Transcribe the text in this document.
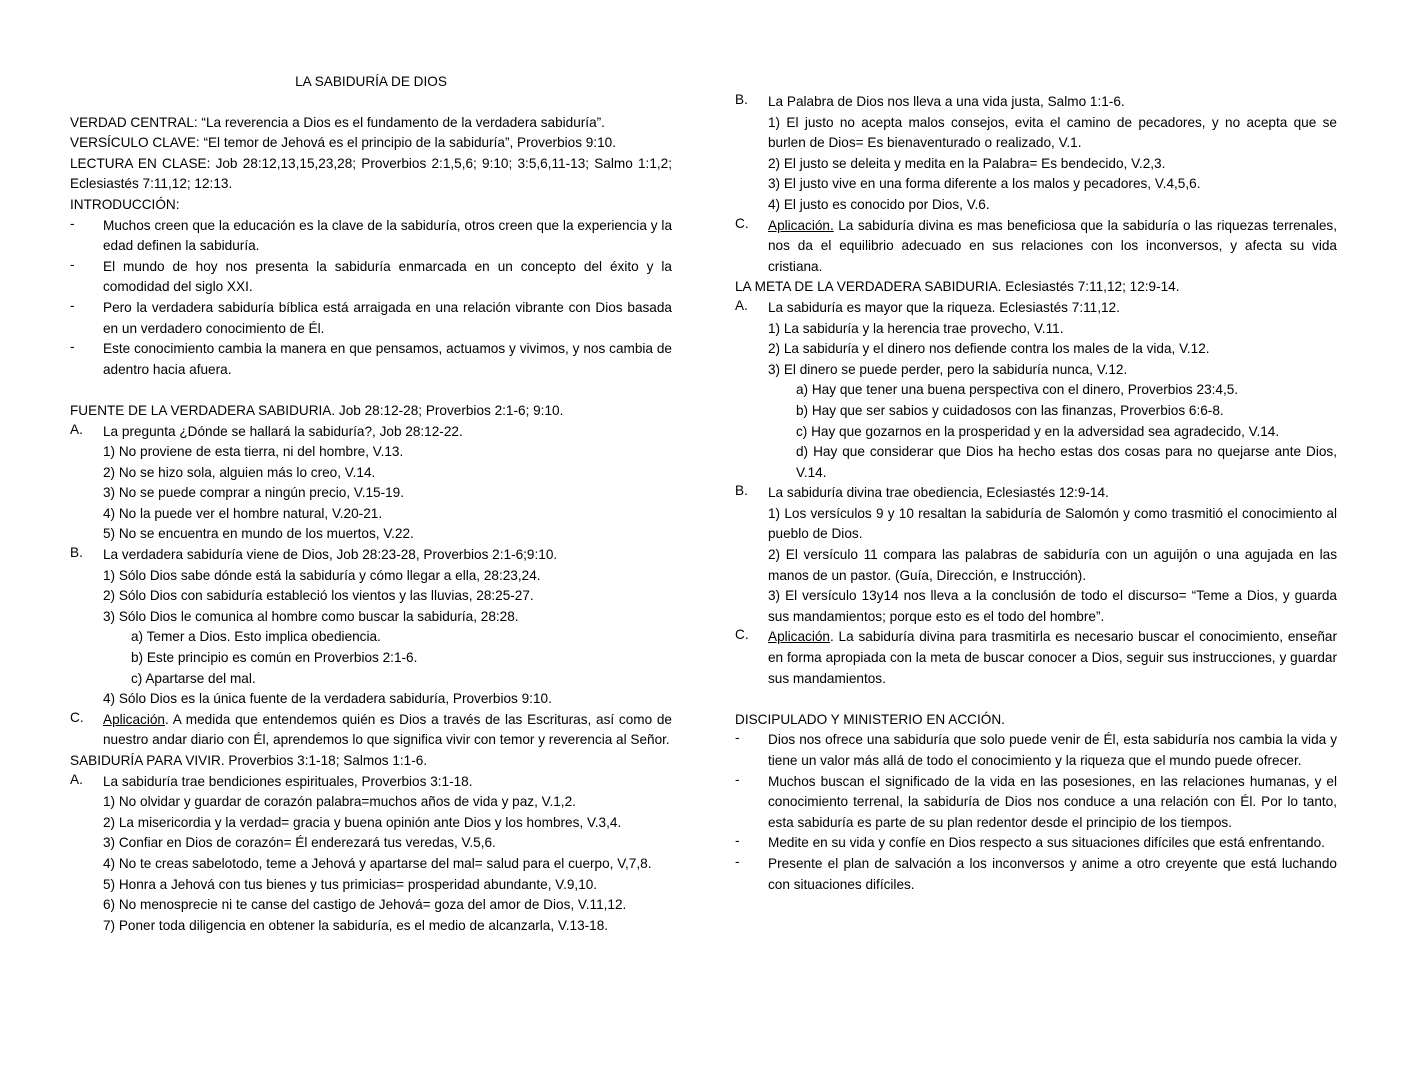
LA SABIDURÍA DE DIOS
VERDAD CENTRAL: “La reverencia a Dios es el fundamento de la verdadera sabiduría”.
VERSÍCULO CLAVE: “El temor de Jehová es el principio de la sabiduría”, Proverbios 9:10.
LECTURA EN CLASE: Job 28:12,13,15,23,28; Proverbios 2:1,5,6; 9:10; 3:5,6,11-13; Salmo 1:1,2; Eclesiastés 7:11,12; 12:13.
INTRODUCCIÓN:
-	Muchos creen que la educación es la clave de la sabiduría, otros creen que la experiencia y la edad definen la sabiduría.
-	El mundo de hoy nos presenta la sabiduría enmarcada en un concepto del éxito y la comodidad del siglo XXI.
-	Pero la verdadera sabiduría bíblica está arraigada en una relación vibrante con Dios basada en un verdadero conocimiento de Él.
-	Este conocimiento cambia la manera en que pensamos, actuamos y vivimos, y nos cambia de adentro hacia afuera.
FUENTE DE LA VERDADERA SABIDURIA. Job 28:12-28; Proverbios 2:1-6; 9:10.
A.	La pregunta ¿Dónde se hallará la sabiduría?, Job 28:12-22.
1) No proviene de esta tierra, ni del hombre, V.13.
2) No se hizo sola, alguien más lo creo, V.14.
3) No se puede comprar a ningún precio, V.15-19.
4) No la puede ver el hombre natural, V.20-21.
5) No se encuentra en mundo de los muertos, V.22.
B.	La verdadera sabiduría viene de Dios, Job 28:23-28, Proverbios 2:1-6;9:10.
1) Sólo Dios sabe dónde está la sabiduría y cómo llegar a ella, 28:23,24.
2) Sólo Dios con sabiduría estableció los vientos y las lluvias, 28:25-27.
3) Sólo Dios le comunica al hombre como buscar la sabiduría, 28:28.
a) Temer a Dios. Esto implica obediencia.
b) Este principio es común en Proverbios 2:1-6.
c) Apartarse del mal.
4) Sólo Dios es la única fuente de la verdadera sabiduría, Proverbios 9:10.
C.	Aplicación. A medida que entendemos quién es Dios a través de las Escrituras, así como de nuestro andar diario con Él, aprendemos lo que significa vivir con temor y reverencia al Señor.
SABIDURÍA PARA VIVIR. Proverbios 3:1-18; Salmos 1:1-6.
A.	La sabiduría trae bendiciones espirituales, Proverbios 3:1-18.
1) No olvidar y guardar de corazón palabra=muchos años de vida y paz, V.1,2.
2) La misericordia y la verdad= gracia y buena opinión ante Dios y los hombres, V.3,4.
3) Confiar en Dios de corazón= Él enderezará tus veredas, V.5,6.
4) No te creas sabelotodo, teme a Jehová y apartarse del mal= salud para el cuerpo, V,7,8.
5) Honra a Jehová con tus bienes y tus primicias= prosperidad abundante, V.9,10.
6) No menosprecie ni te canse del castigo de Jehová= goza del amor de Dios, V.11,12.
7) Poner toda diligencia en obtener la sabiduría, es el medio de alcanzarla, V.13-18.
B.	La Palabra de Dios nos lleva a una vida justa, Salmo 1:1-6.
1) El justo no acepta malos consejos, evita el camino de pecadores, y no acepta que se burlen de Dios= Es bienaventurado o realizado, V.1.
2) El justo se deleita y medita en la Palabra= Es bendecido, V.2,3.
3) El justo vive en una forma diferente a los malos y pecadores, V.4,5,6.
4) El justo es conocido por Dios, V.6.
C.	Aplicación. La sabiduría divina es mas beneficiosa que la sabiduría o las riquezas terrenales, nos da el equilibrio adecuado en sus relaciones con los inconversos, y afecta su vida cristiana.
LA META DE LA VERDADERA SABIDURIA. Eclesiastés 7:11,12; 12:9-14.
A.	La sabiduría es mayor que la riqueza. Eclesiastés 7:11,12.
1) La sabiduría y la herencia trae provecho, V.11.
2) La sabiduría y el dinero nos defiende contra los males de la vida, V.12.
3) El dinero se puede perder, pero la sabiduría nunca, V.12.
a) Hay que tener una buena perspectiva con el dinero, Proverbios 23:4,5.
b) Hay que ser sabios y cuidadosos con las finanzas, Proverbios 6:6-8.
c) Hay que gozarnos en la prosperidad y en la adversidad sea agradecido, V.14.
d) Hay que considerar que Dios ha hecho estas dos cosas para no quejarse ante Dios, V.14.
B.	La sabiduría divina trae obediencia, Eclesiastés 12:9-14.
1) Los versículos 9 y 10 resaltan la sabiduría de Salomón y como trasmitió el conocimiento al pueblo de Dios.
2) El versículo 11 compara las palabras de sabiduría con un aguijón o una agujada en las manos de un pastor. (Guía, Dirección, e Instrucción).
3) El versículo 13y14 nos lleva a la conclusión de todo el discurso= “Teme a Dios, y guarda sus mandamientos; porque esto es el todo del hombre”.
C.	Aplicación. La sabiduría divina para trasmitirla es necesario buscar el conocimiento, enseñar en forma apropiada con la meta de buscar conocer a Dios, seguir sus instrucciones, y guardar sus mandamientos.
DISCIPULADO Y MINISTERIO EN ACCIÓN.
-	Dios nos ofrece una sabiduría que solo puede venir de Él, esta sabiduría nos cambia la vida y tiene un valor más allá de todo el conocimiento y la riqueza que el mundo puede ofrecer.
-	Muchos buscan el significado de la vida en las posesiones, en las relaciones humanas, y el conocimiento terrenal, la sabiduría de Dios nos conduce a una relación con Él. Por lo tanto, esta sabiduría es parte de su plan redentor desde el principio de los tiempos.
-	Medite en su vida y confíe en Dios respecto a sus situaciones difíciles que está enfrentando.
-	Presente el plan de salvación a los inconversos y anime a otro creyente que está luchando con situaciones difíciles.
